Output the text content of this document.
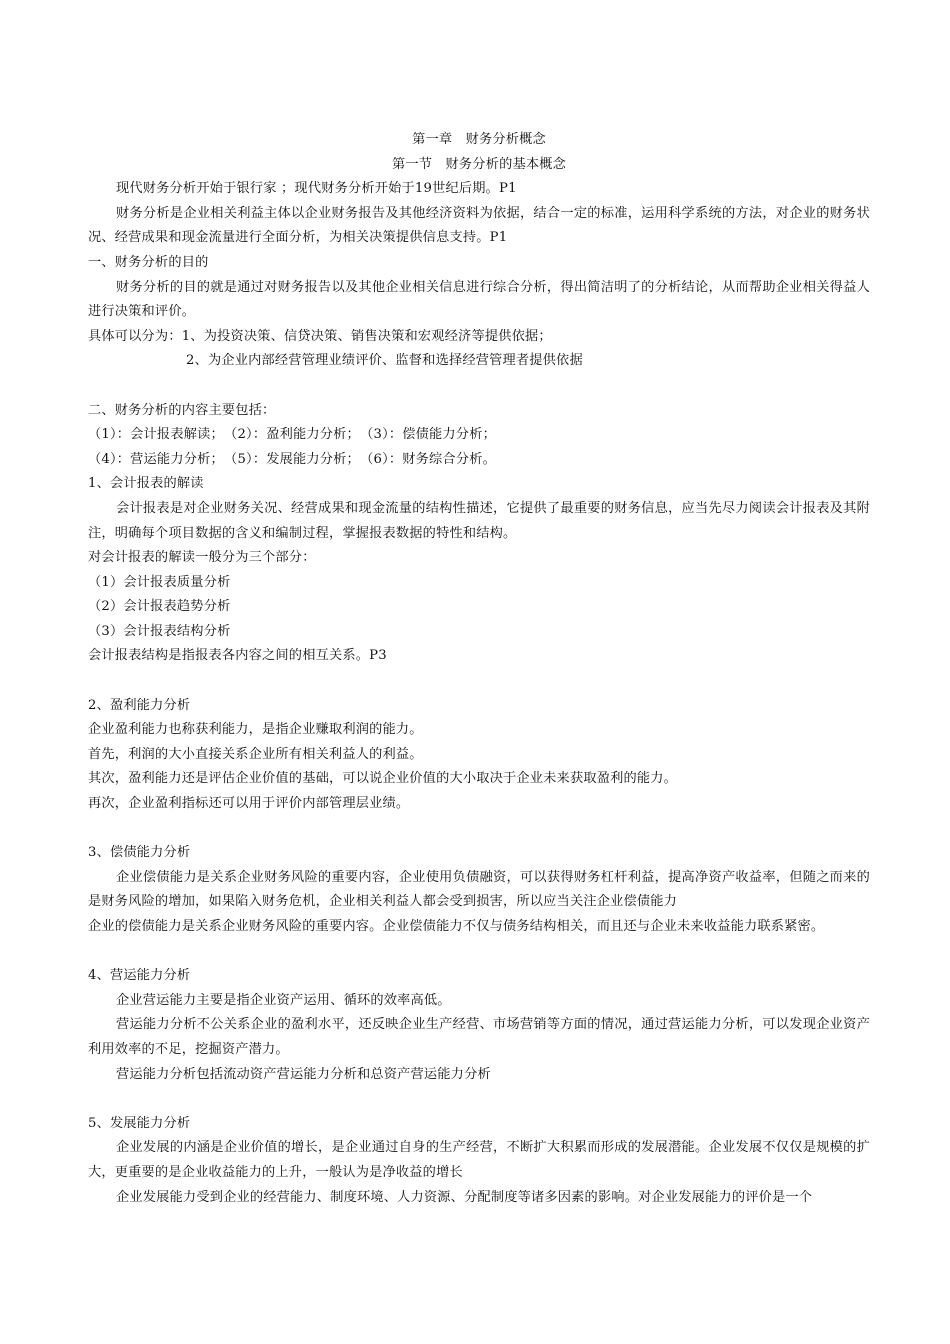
第一章　财务分析概念

第一节　财务分析的基本概念

现代财务分析开始于银行家 ；现代财务分析开始于19世纪后期。P1

财务分析是企业相关利益主体以企业财务报告及其他经济资料为依据，结合一定的标准，运用科学系统的方法，对企业的财务状况、经营成果和现金流量进行全面分析，为相关决策提供信息支持。P1

一、财务分析的目的

财务分析的目的就是通过对财务报告以及其他企业相关信息进行综合分析，得出简洁明了的分析结论，从而帮助企业相关得益人进行决策和评价。

具体可以分为：1、为投资决策、信贷决策、销售决策和宏观经济等提供依据；

2、为企业内部经营管理业绩评价、监督和选择经营管理者提供依据

二、财务分析的内容主要包括：

（1）：会计报表解读；　（2）：盈利能力分析；　（3）：偿债能力分析；

（4）：营运能力分析；　（5）：发展能力分析；　（6）：财务综合分析。

1、会计报表的解读

会计报表是对企业财务关况、经营成果和现金流量的结构性描述，它提供了最重要的财务信息，应当先尽力阅读会计报表及其附注，明确每个项目数据的含义和编制过程，掌握报表数据的特性和结构。

对会计报表的解读一般分为三个部分：

（1）会计报表质量分析

（2）会计报表趋势分析

（3）会计报表结构分析

会计报表结构是指报表各内容之间的相互关系。P3

2、盈利能力分析

企业盈利能力也称获利能力，是指企业赚取利润的能力。

首先，利润的大小直接关系企业所有相关利益人的利益。

其次，盈利能力还是评估企业价值的基础，可以说企业价值的大小取决于企业未来获取盈利的能力。

再次，企业盈利指标还可以用于评价内部管理层业绩。

3、偿债能力分析

企业偿债能力是关系企业财务风险的重要内容，企业使用负债融资，可以获得财务杠杆利益，提高净资产收益率，但随之而来的是财务风险的增加，如果陷入财务危机，企业相关利益人都会受到损害，所以应当关注企业偿债能力

企业的偿债能力是关系企业财务风险的重要内容。企业偿债能力不仅与债务结构相关，而且还与企业未来收益能力联系紧密。

4、营运能力分析

企业营运能力主要是指企业资产运用、循环的效率高低。

营运能力分析不公关系企业的盈利水平，还反映企业生产经营、市场营销等方面的情况，通过营运能力分析，可以发现企业资产利用效率的不足，挖掘资产潜力。

营运能力分析包括流动资产营运能力分析和总资产营运能力分析

5、发展能力分析

企业发展的内涵是企业价值的增长，是企业通过自身的生产经营，不断扩大积累而形成的发展潜能。企业发展不仅仅是规模的扩大，更重要的是企业收益能力的上升，一般认为是净收益的增长

企业发展能力受到企业的经营能力、制度环境、人力资源、分配制度等诸多因素的影响。对企业发展能力的评价是一个
